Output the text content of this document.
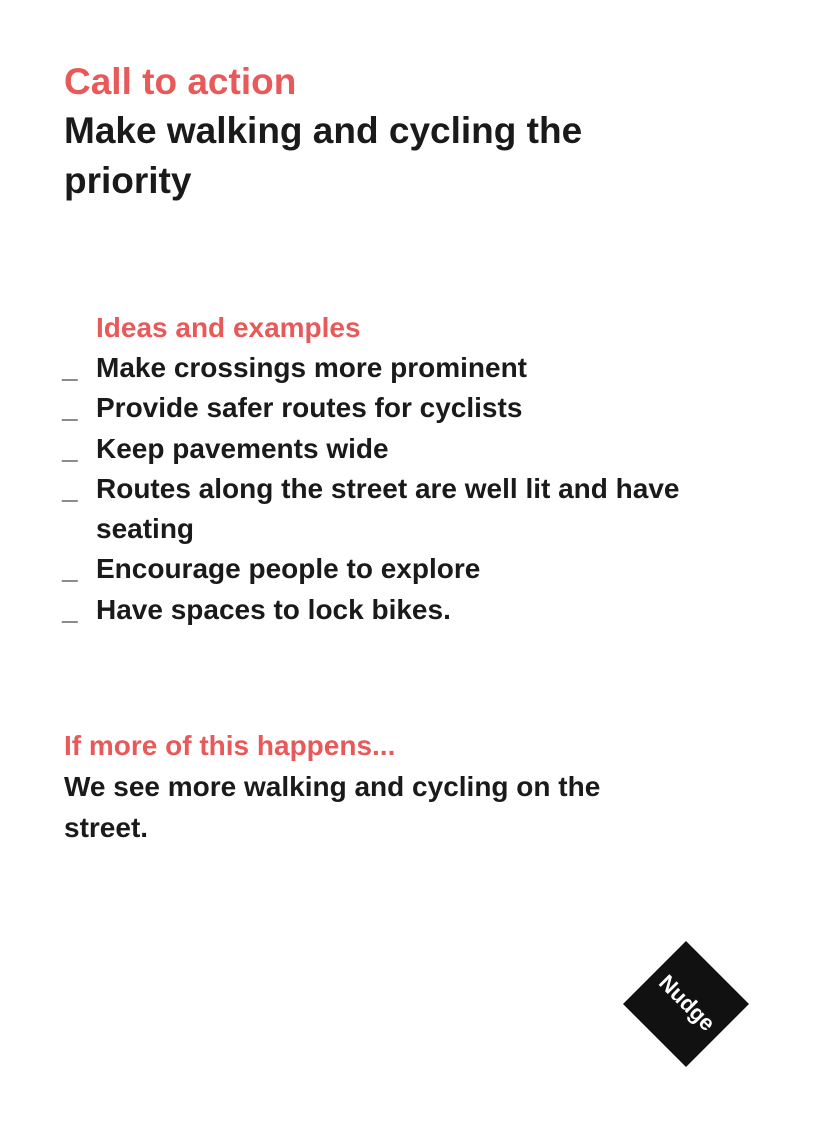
Call to action
Make walking and cycling the priority
Ideas and examples
_ Make crossings more prominent
_ Provide safer routes for cyclists
_ Keep pavements wide
_ Routes along the street are well lit and have seating
_ Encourage people to explore
_ Have spaces to lock bikes.
If more of this happens...

We see more walking and cycling on the street.

Nudge
